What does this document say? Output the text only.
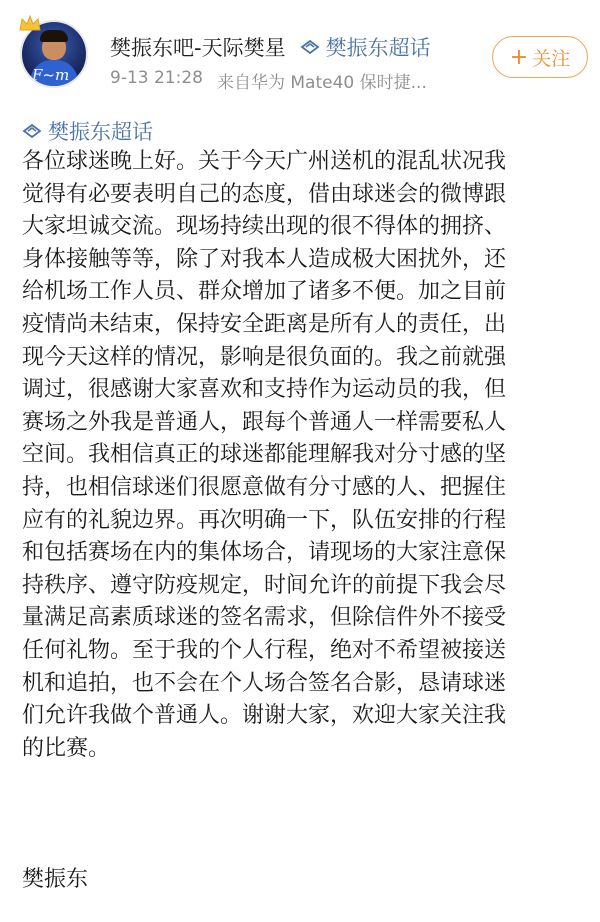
F~m
樊振东吧-天际樊星 樊振东超话
9-13 21:28 来自华为 Mate40 保时捷...
+ 关注
樊振东超话
各位球迷晚上好。关于今天广州送机的混乱状况我
觉得有必要表明自己的态度，借由球迷会的微博跟
大家坦诚交流。现场持续出现的很不得体的拥挤、
身体接触等等，除了对我本人造成极大困扰外，还
给机场工作人员、群众增加了诸多不便。加之目前
疫情尚未结束，保持安全距离是所有人的责任，出
现今天这样的情况，影响是很负面的。我之前就强
调过，很感谢大家喜欢和支持作为运动员的我，但
赛场之外我是普通人，跟每个普通人一样需要私人
空间。我相信真正的球迷都能理解我对分寸感的坚
持，也相信球迷们很愿意做有分寸感的人、把握住
应有的礼貌边界。再次明确一下，队伍安排的行程
和包括赛场在内的集体场合，请现场的大家注意保
持秩序、遵守防疫规定，时间允许的前提下我会尽
量满足高素质球迷的签名需求，但除信件外不接受
任何礼物。至于我的个人行程，绝对不希望被接送
机和追拍，也不会在个人场合签名合影，恳请球迷
们允许我做个普通人。谢谢大家，欢迎大家关注我
的比赛。
樊振东
